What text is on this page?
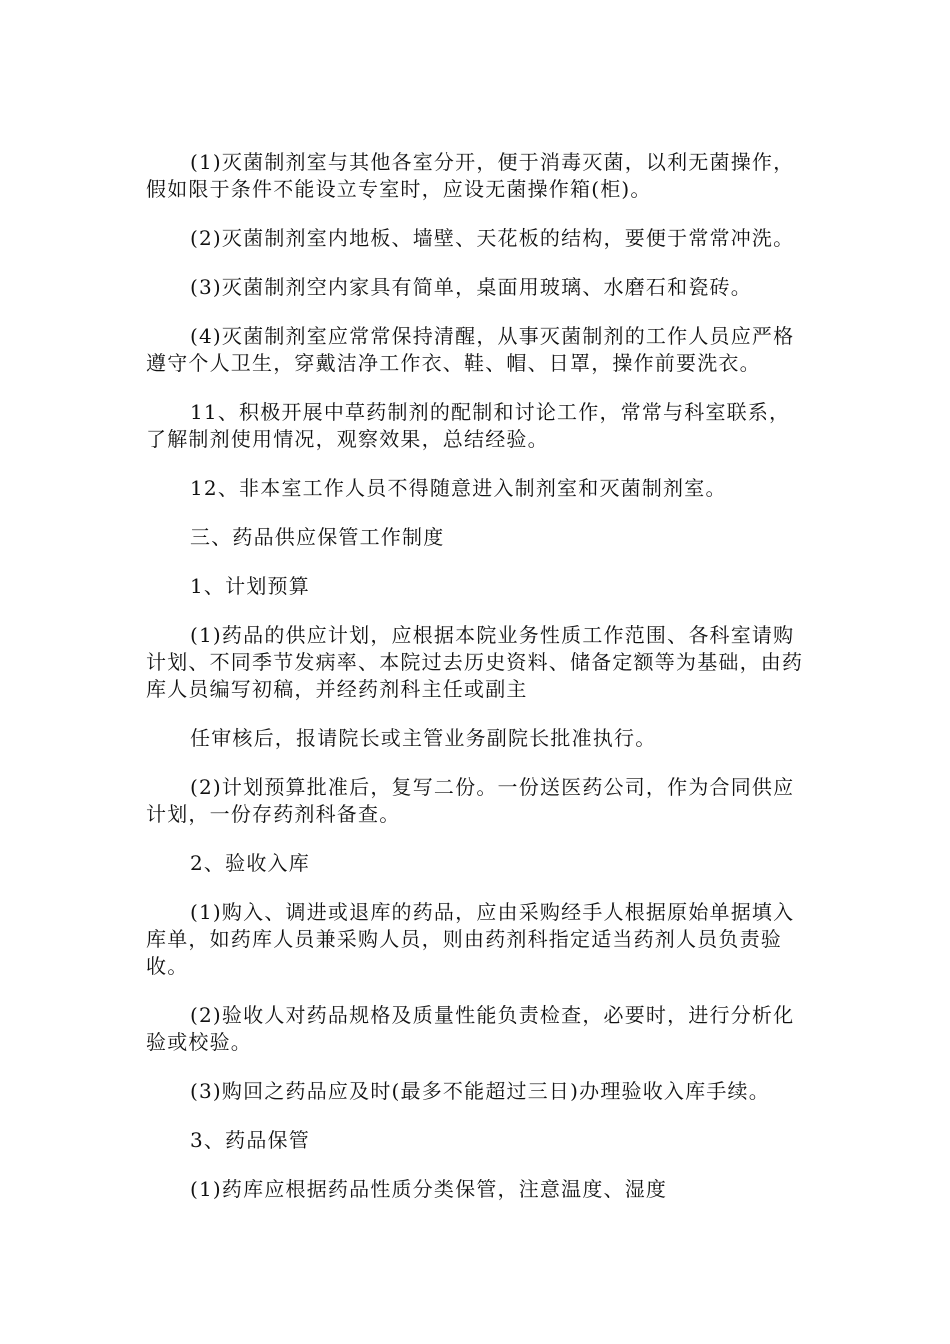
(1)灭菌制剂室与其他各室分开，便于消毒灭菌，以利无菌操作，假如限于条件不能设立专室时，应设无菌操作箱(柜)。

(2)灭菌制剂室内地板、墙壁、天花板的结构，要便于常常冲洗。

(3)灭菌制剂空内家具有简单，桌面用玻璃、水磨石和瓷砖。

(4)灭菌制剂室应常常保持清醒，从事灭菌制剂的工作人员应严格遵守个人卫生，穿戴洁净工作衣、鞋、帽、日罩，操作前要洗衣。

11、积极开展中草药制剂的配制和讨论工作，常常与科室联系，了解制剂使用情况，观察效果，总结经验。

12、非本室工作人员不得随意进入制剂室和灭菌制剂室。

三、药品供应保管工作制度

1、计划预算

(1)药品的供应计划，应根据本院业务性质工作范围、各科室请购计划、不同季节发病率、本院过去历史资料、储备定额等为基础，由药库人员编写初稿，并经药剂科主任或副主

任审核后，报请院长或主管业务副院长批准执行。

(2)计划预算批准后，复写二份。一份送医药公司，作为合同供应计划，一份存药剂科备查。

2、验收入库

(1)购入、调进或退库的药品，应由采购经手人根据原始单据填入库单，如药库人员兼采购人员，则由药剂科指定适当药剂人员负责验收。

(2)验收人对药品规格及质量性能负责检查，必要时，进行分析化验或校验。

(3)购回之药品应及时(最多不能超过三日)办理验收入库手续。

3、药品保管

(1)药库应根据药品性质分类保管，注意温度、湿度
